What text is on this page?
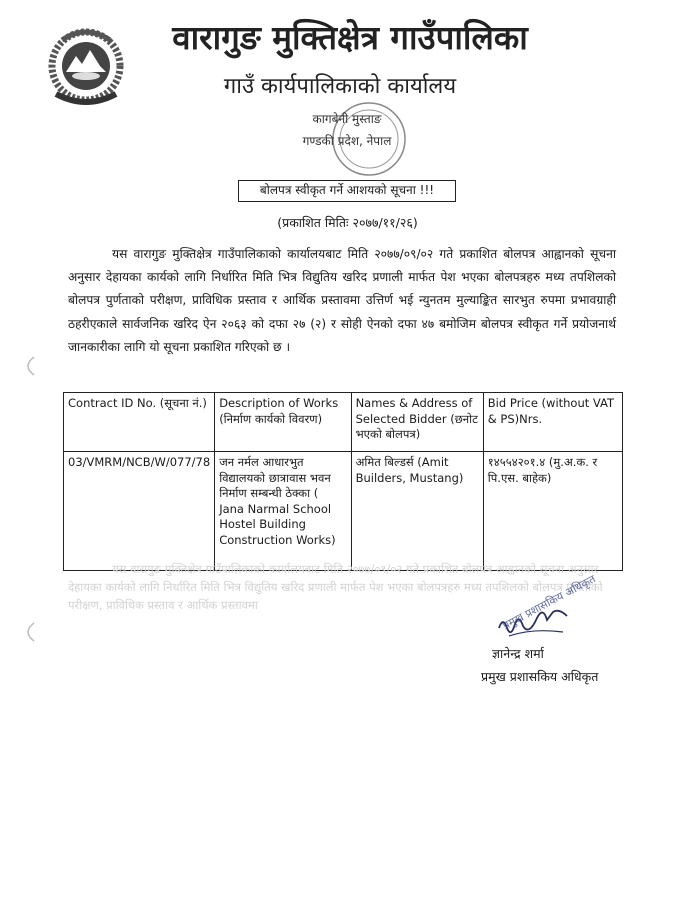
वारागुङ मुक्तिक्षेत्र गाउँपालिका
गाउँ कार्यपालिकाको कार्यालय
कागबेनी मुस्ताङ
गण्डकी प्रदेश, नेपाल
बोलपत्र स्वीकृत गर्ने आशयको सूचना !!!
(प्रकाशित मितिः २०७७/११/२६)

यस वारागुङ मुक्तिक्षेत्र गाउँपालिकाको कार्यालयबाट मिति २०७७/०९/०२ गते प्रकाशित बोलपत्र आह्वानको सूचना अनुसार देहायका कार्यको लागि निर्धारित मिति भित्र विद्युतिय खरिद प्रणाली मार्फत पेश भएका बोलपत्रहरु मध्य तपशिलको बोलपत्र पुर्णताको परीक्षण, प्राविधिक प्रस्ताव र आर्थिक प्रस्तावमा उत्तिर्ण भई न्युनतम मुल्याङ्कित सारभुत रुपमा प्रभावग्राही ठहरीएकाले सार्वजनिक खरिद ऐन २०६३ को दफा २७ (२) र सोही ऐनको दफा ४७ बमोजिम बोलपत्र स्वीकृत गर्ने प्रयोजनार्थ जानकारीका लागि यो सूचना प्रकाशित गरिएको छ ।

Contract ID No. (सूचना नं.)	Description of Works (निर्माण कार्यको विवरण)	Names & Address of Selected Bidder (छनोट भएको बोलपत्र)	Bid Price (without VAT & PS)Nrs.
03/VMRM/NCB/W/077/78	जन नर्मल आधारभुत विद्यालयको छात्रावास भवन निर्माण सम्बन्धी ठेक्का ( Jana Narmal School Hostel Building Construction Works)	अमित बिल्डर्स (Amit Builders, Mustang)	१४५५४२०१.४ (मु.अ.क. र पि.एस. बाहेक)

यस वारागुङ मुक्तिक्षेत्र गाउँपालिकाको कार्यालयबाट मिति २०७७/०९/०२ गते प्रकाशित बोलपत्र आह्वानको सूचना अनुसार देहायका कार्यको लागि निर्धारित मिति भित्र विद्युतिय खरिद प्रणाली मार्फत पेश भएका बोलपत्रहरु मध्य तपशिलको बोलपत्र पुर्णताको परीक्षण, प्राविधिक प्रस्ताव र आर्थिक प्रस्तावमा	प्रमुख प्रशासकिय अधिकृत
ज्ञानेन्द्र शर्मा
प्रमुख प्रशासकिय अधिकृत
